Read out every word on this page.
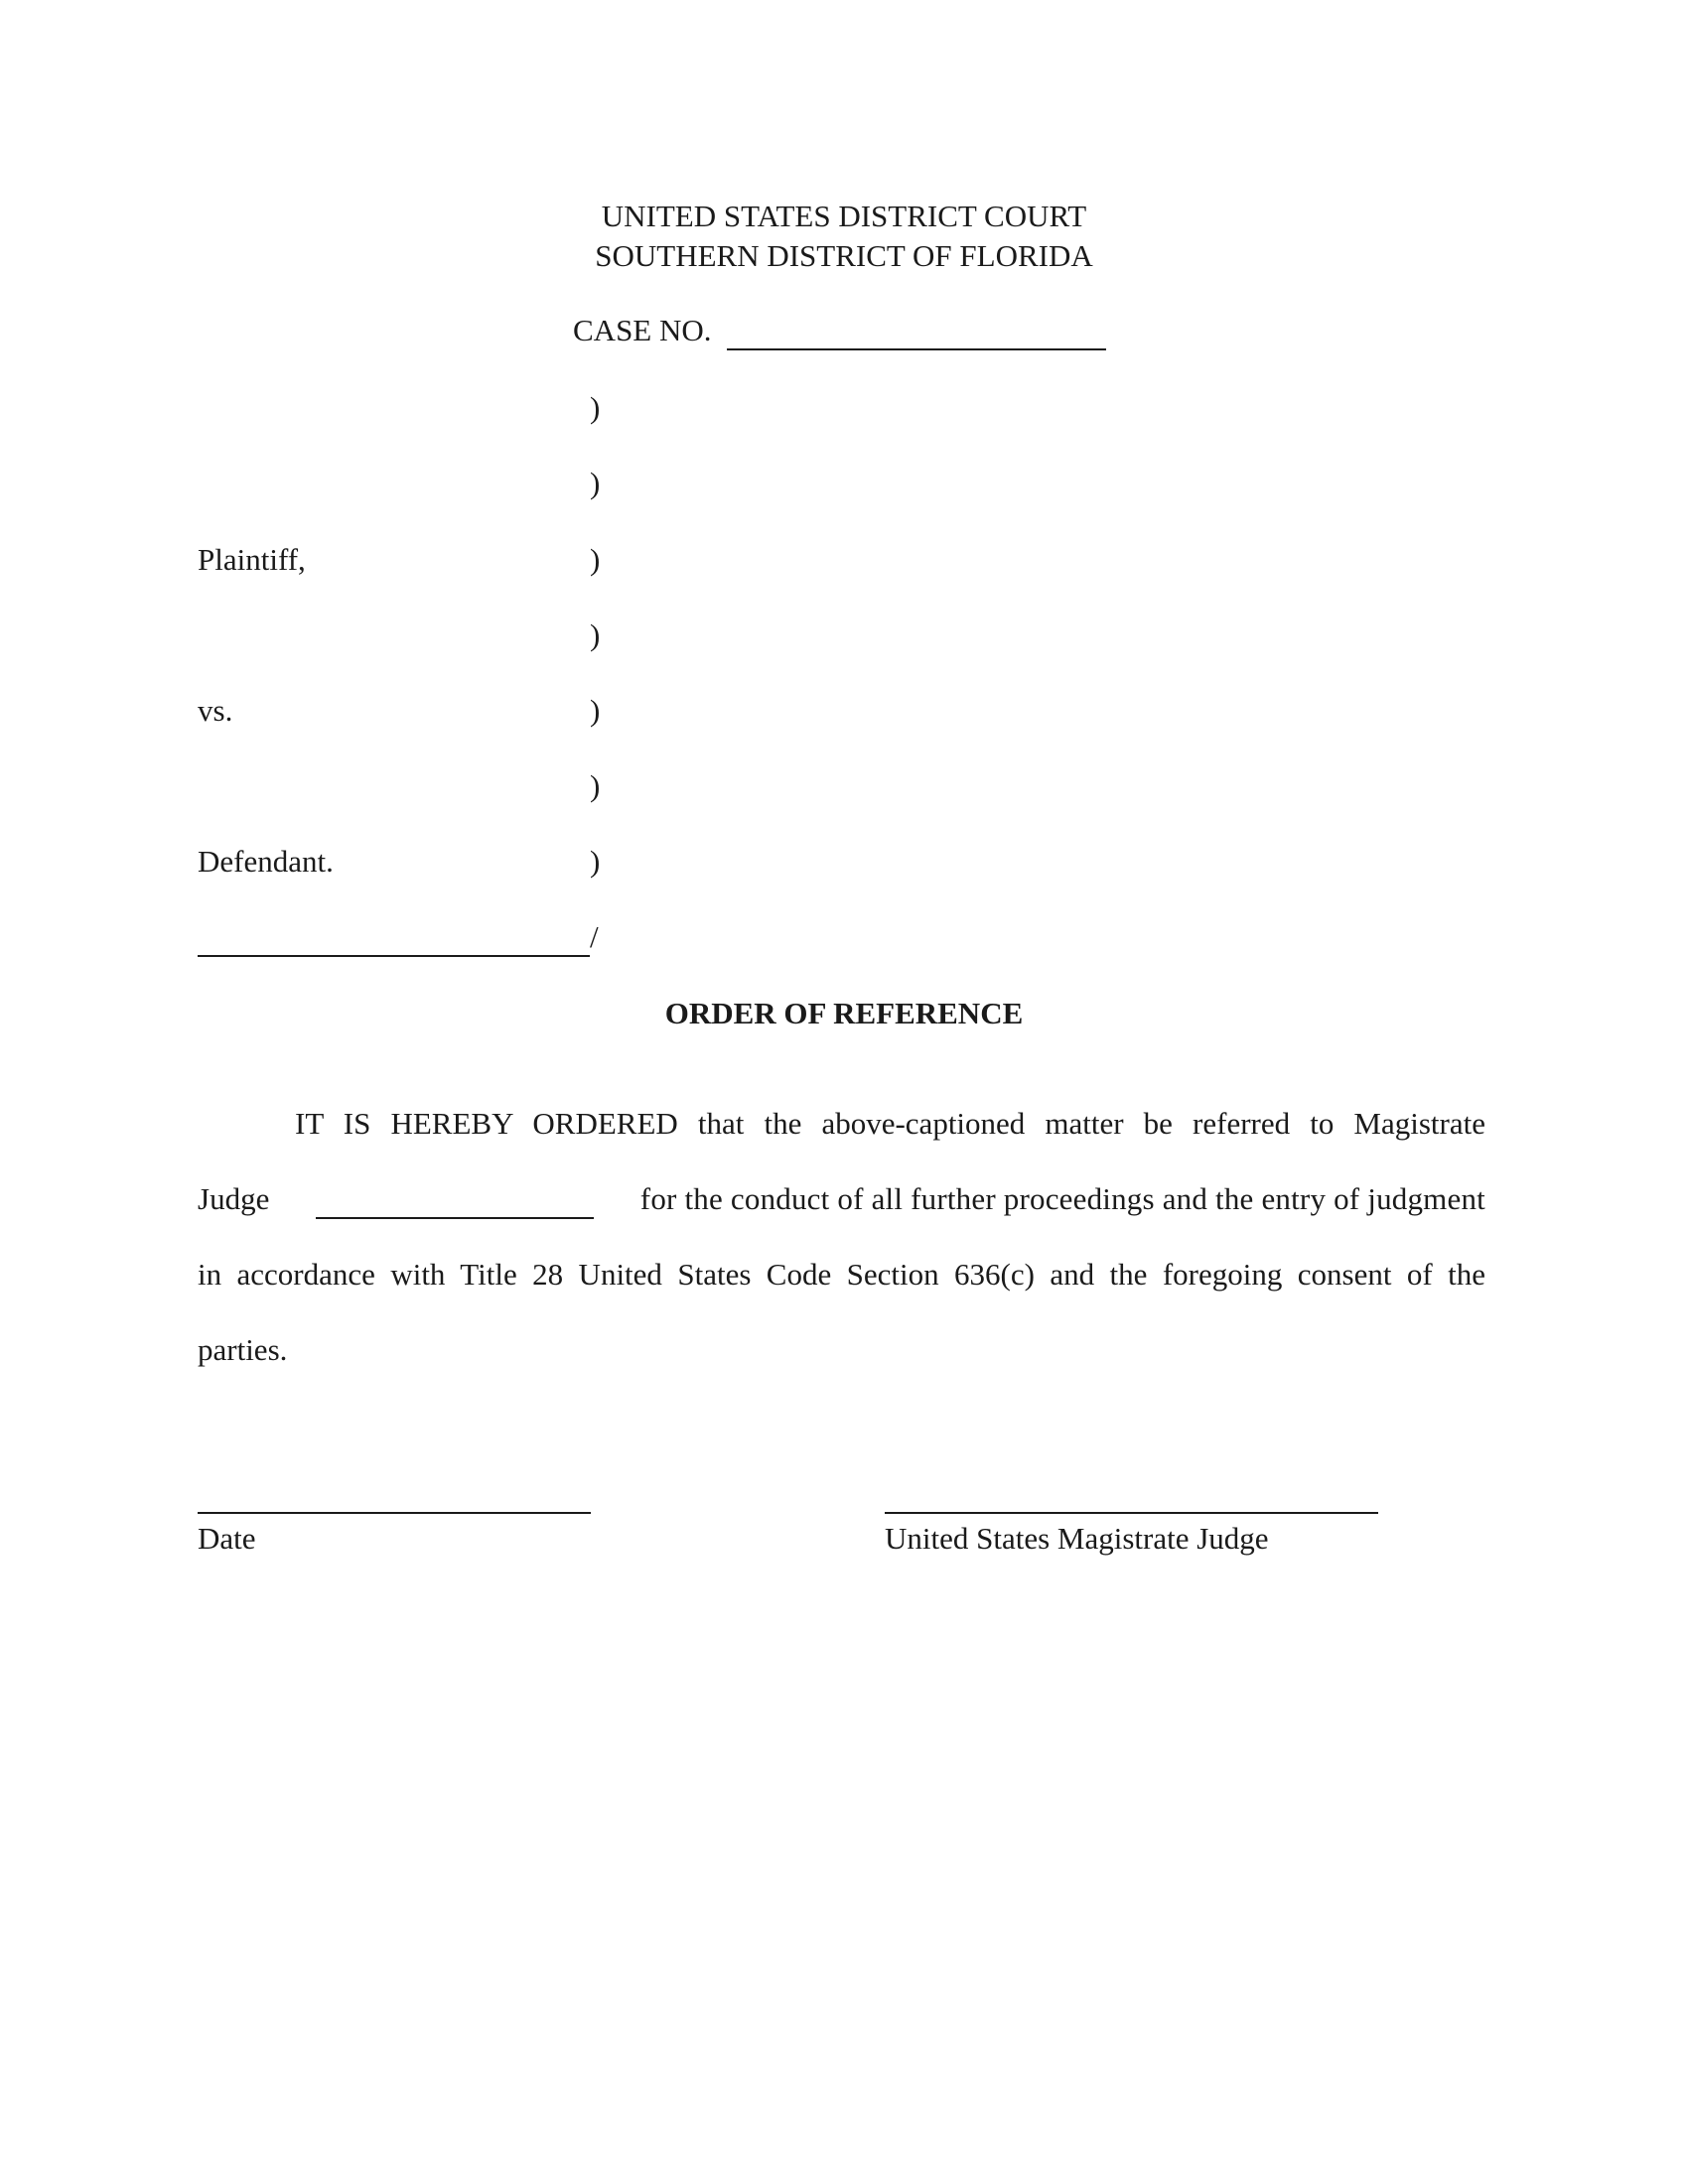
UNITED STATES DISTRICT COURT
SOUTHERN DISTRICT OF FLORIDA
CASE NO.
)
)
)
)
)
)
)
Plaintiff,
vs.
Defendant.
/
ORDER OF REFERENCE
IT IS HEREBY ORDERED that the above-captioned matter be referred to Magistrate
Judge
	for the conduct of all further proceedings and the entry of judgment
in accordance with Title 28 United States Code Section 636(c) and the foregoing consent of the
parties.
Date	United States Magistrate Judge
